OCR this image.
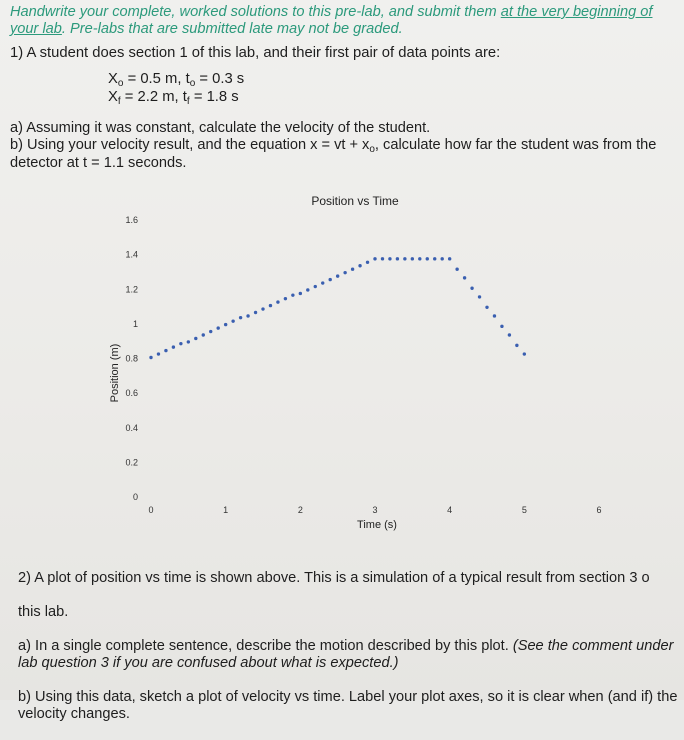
Handwrite your complete, worked solutions to this pre-lab, and submit them at the very beginning of your lab. Pre-labs that are submitted late may not be graded.
1) A student does section 1 of this lab, and their first pair of data points are:
$X_o = 0.5$ m, $t_o = 0.3$ s
$X_f = 2.2$ m, $t_f = 1.8$ s
a) Assuming it was constant, calculate the velocity of the student.
b) Using your velocity result, and the equation x = vt + $x_o$, calculate how far the student was from the detector at t = 1.1 seconds.
Position vs Time
Time (s)
Position (m)
0
0.2
0.4
0.6
0.8
1
1.2
1.4
1.6
0	1	2	3	4	5	6

2) A plot of position vs time is shown above. This is a simulation of a typical result from section 3 o

this lab.

a) In a single complete sentence, describe the motion described by this plot. (See the comment under lab question 3 if you are confused about what is expected.)

b) Using this data, sketch a plot of velocity vs time. Label your plot axes, so it is clear when (and if) the velocity changes.
